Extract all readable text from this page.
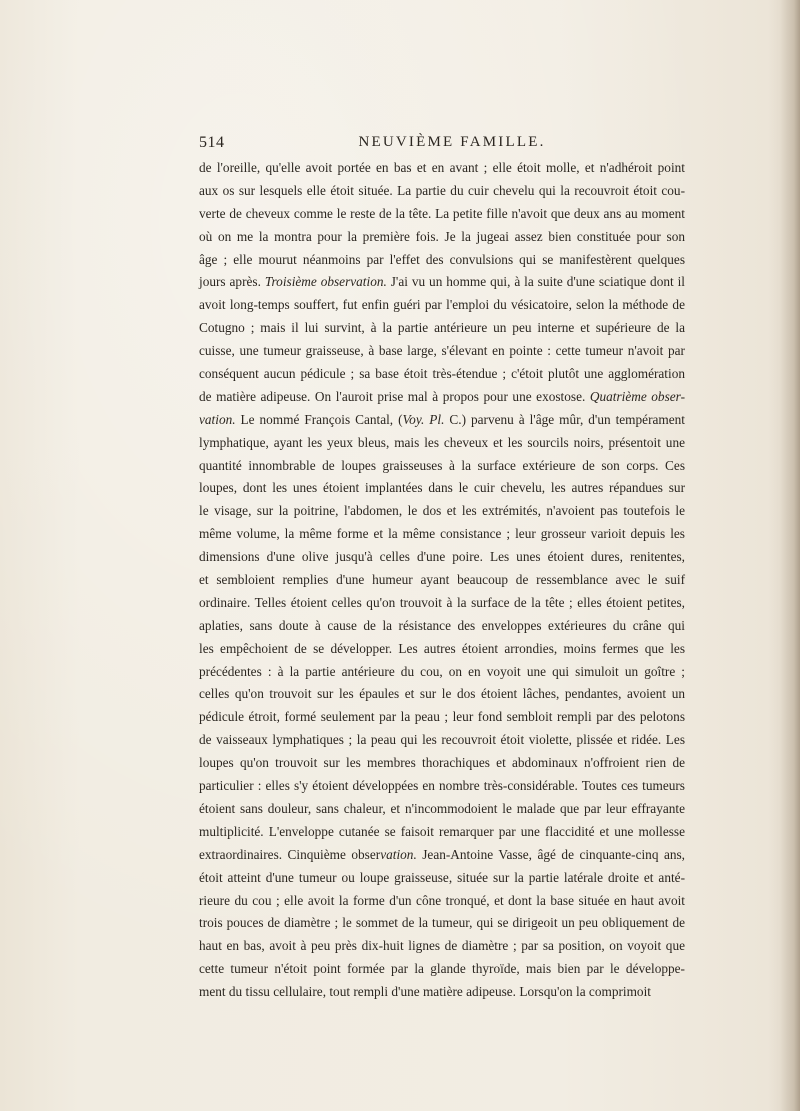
514	NEUVIÈME FAMILLE.
de l'oreille, qu'elle avoit portée en bas et en avant ; elle étoit molle, et n'adhéroit point
aux os sur lesquels elle étoit située. La partie du cuir chevelu qui la recouvroit étoit cou-
verte de cheveux comme le reste de la tête. La petite fille n'avoit que deux ans au moment
où on me la montra pour la première fois. Je la jugeai assez bien constituée pour son
âge ; elle mourut néanmoins par l'effet des convulsions qui se manifestèrent quelques
jours après. Troisième observation. J'ai vu un homme qui, à la suite d'une sciatique dont il
avoit long-temps souffert, fut enfin guéri par l'emploi du vésicatoire, selon la méthode de
Cotugno ; mais il lui survint, à la partie antérieure un peu interne et supérieure de la
cuisse, une tumeur graisseuse, à base large, s'élevant en pointe : cette tumeur n'avoit par
conséquent aucun pédicule ; sa base étoit très-étendue ; c'étoit plutôt une agglomération
de matière adipeuse. On l'auroit prise mal à propos pour une exostose. Quatrième obser-
vation. Le nommé François Cantal, (Voy. Pl. C.) parvenu à l'âge mûr, d'un tempérament
lymphatique, ayant les yeux bleus, mais les cheveux et les sourcils noirs, présentoit une
quantité innombrable de loupes graisseuses à la surface extérieure de son corps. Ces
loupes, dont les unes étoient implantées dans le cuir chevelu, les autres répandues sur
le visage, sur la poitrine, l'abdomen, le dos et les extrémités, n'avoient pas toutefois le
même volume, la même forme et la même consistance ; leur grosseur varioit depuis les
dimensions d'une olive jusqu'à celles d'une poire. Les unes étoient dures, renitentes,
et sembloient remplies d'une humeur ayant beaucoup de ressemblance avec le suif
ordinaire. Telles étoient celles qu'on trouvoit à la surface de la tête ; elles étoient petites,
aplaties, sans doute à cause de la résistance des enveloppes extérieures du crâne qui
les empêchoient de se développer. Les autres étoient arrondies, moins fermes que les
précédentes : à la partie antérieure du cou, on en voyoit une qui simuloit un goître ;
celles qu'on trouvoit sur les épaules et sur le dos étoient lâches, pendantes, avoient un
pédicule étroit, formé seulement par la peau ; leur fond sembloit rempli par des pelotons
de vaisseaux lymphatiques ; la peau qui les recouvroit étoit violette, plissée et ridée. Les
loupes qu'on trouvoit sur les membres thorachiques et abdominaux n'offroient rien de
particulier : elles s'y étoient développées en nombre très-considérable. Toutes ces tumeurs
étoient sans douleur, sans chaleur, et n'incommodoient le malade que par leur effrayante
multiplicité. L'enveloppe cutanée se faisoit remarquer par une flaccidité et une mollesse
extraordinaires. Cinquième observation. Jean-Antoine Vasse, âgé de cinquante-cinq ans,
étoit atteint d'une tumeur ou loupe graisseuse, située sur la partie latérale droite et anté-
rieure du cou ; elle avoit la forme d'un cône tronqué, et dont la base située en haut avoit
trois pouces de diamètre ; le sommet de la tumeur, qui se dirigeoit un peu obliquement de
haut en bas, avoit à peu près dix-huit lignes de diamètre ; par sa position, on voyoit que
cette tumeur n'étoit point formée par la glande thyroïde, mais bien par le développe-
ment du tissu cellulaire, tout rempli d'une matière adipeuse. Lorsqu'on la comprimoit
